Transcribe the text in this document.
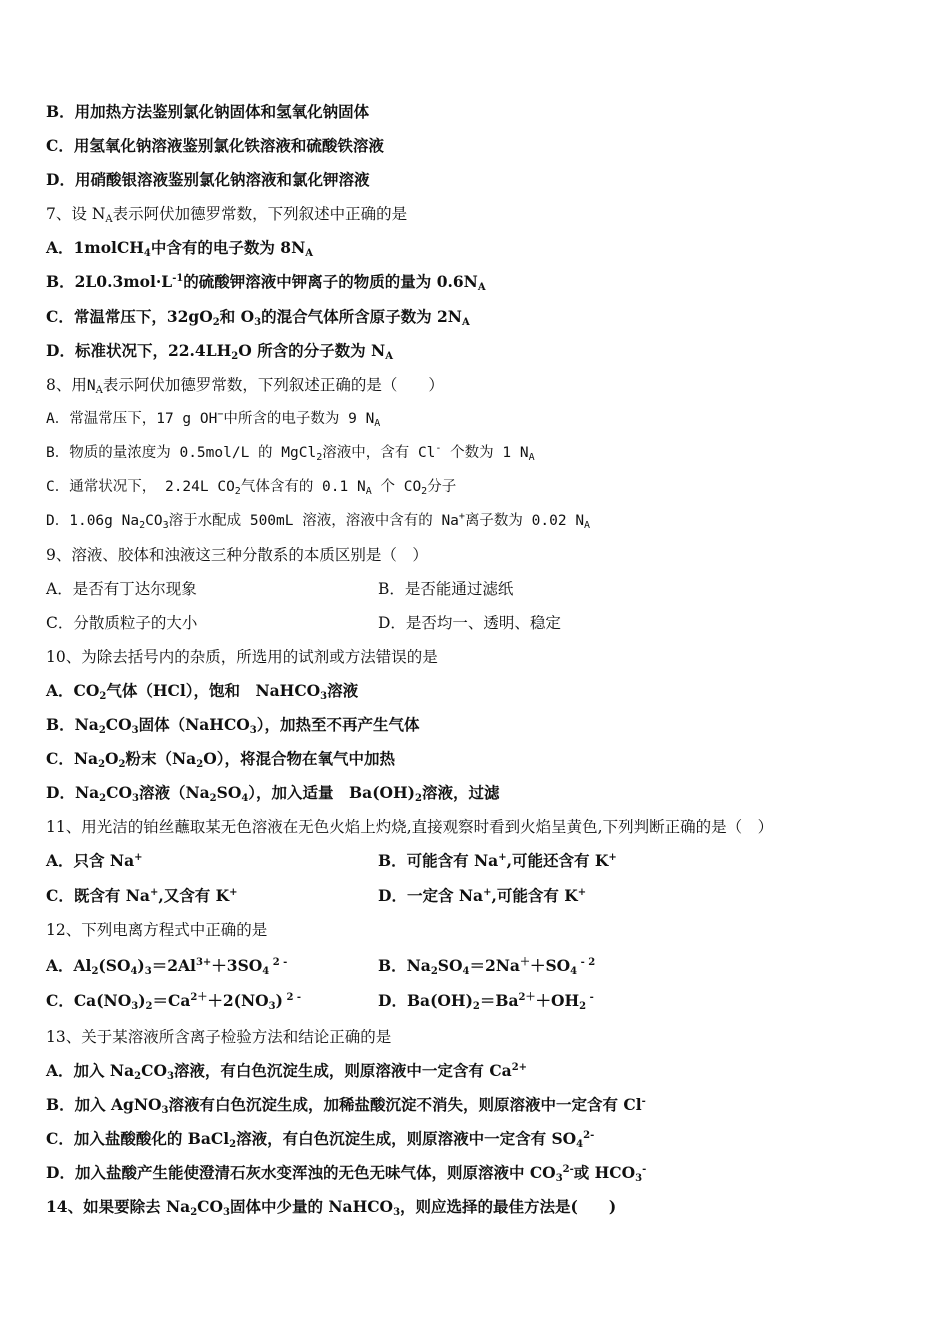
B．用加热方法鉴别氯化钠固体和氢氧化钠固体
C．用氢氧化钠溶液鉴别氯化铁溶液和硫酸铁溶液
D．用硝酸银溶液鉴别氯化钠溶液和氯化钾溶液
7、设 $N_A$表示阿伏加德罗常数，下列叙述中正确的是
A．1molCH$_4$中含有的电子数为 $8N_A$
B．$2L0.3mol\cdot L^{-1}$的硫酸钾溶液中钾离子的物质的量为 $0.6N_A$
C．常温常压下，$32gO_2$和 $O_3$的混合气体所含原子数为 $2N_A$
D．标准状况下，$22.4LH_2O$ 所含的分子数为 $N_A$
8、用$N_A$表示阿伏加德罗常数，下列叙述正确的是（　　）
A．常温常压下，17 g OH−中所含的电子数为 9 $N_A$
B．物质的量浓度为 0.5mol/L 的 MgCl$_2$溶液中，含有 Cl- 个数为 1 $N_A$
C．通常状况下， 2.24L $CO_2$气体含有的 0.1 $N_A$ 个 $CO_2$分子
D．1.06g $Na_2CO_3$溶于水配成 500mL 溶液，溶液中含有的 Na+离子数为 0.02 $N_A$
9、溶液、胶体和浊液这三种分散系的本质区别是（　）
A．是否有丁达尔现象	B．是否能通过滤纸
C．分散质粒子的大小	D．是否均一、透明、稳定
10、为除去括号内的杂质，所选用的试剂或方法错误的是
A．$CO_2$气体（HCl），饱和　NaHCO$_3$溶液
B．$Na_2CO_3$固体（NaHCO$_3$），加热至不再产生气体
C．$Na_2O_2$粉末$(Na_2O)$，将混合物在氧气中加热
D．$Na_2CO_3$溶液$(Na_2SO_4)$，加入适量　$Ba(OH)_2$溶液，过滤
11、用光洁的铂丝蘸取某无色溶液在无色火焰上灼烧,直接观察时看到火焰呈黄色,下列判断正确的是（　）
A．只含 Na+	B．可能含有 Na+,可能还含有 K+
C．既含有 Na+,又含有 K+	D．一定含 Na+,可能含有 K+
12、下列电离方程式中正确的是
A．$Al_2(SO_4)_3=2Al^{3+}+3SO_4$ $^{2 -}$	B．$Na_2SO_4=2Na^++SO_4$ $^{- 2}$
C．$Ca(NO_3)_2=Ca^{2+}+2(NO_3)$ $^{2 -}$	D．$Ba(OH)_2=Ba^{2+}+OH_2$ -
13、关于某溶液所含离子检验方法和结论正确的是
A．加入 $Na_2CO_3$溶液，有白色沉淀生成，则原溶液中一定含有 $Ca^{2+}$
B．加入 AgNO$_3$溶液有白色沉淀生成，加稀盐酸沉淀不消失，则原溶液中一定含有 Cl-
C．加入盐酸酸化的 BaCl$_2$溶液，有白色沉淀生成，则原溶液中一定含有 $SO_4^{2-}$
D．加入盐酸产生能使澄清石灰水变浑浊的无色无味气体，则原溶液中 $CO_3^{2-}$或 $HCO_3^-$
14、如果要除去 $Na_2CO_3$固体中少量的 NaHCO$_3$，则应选择的最佳方法是(　　)
